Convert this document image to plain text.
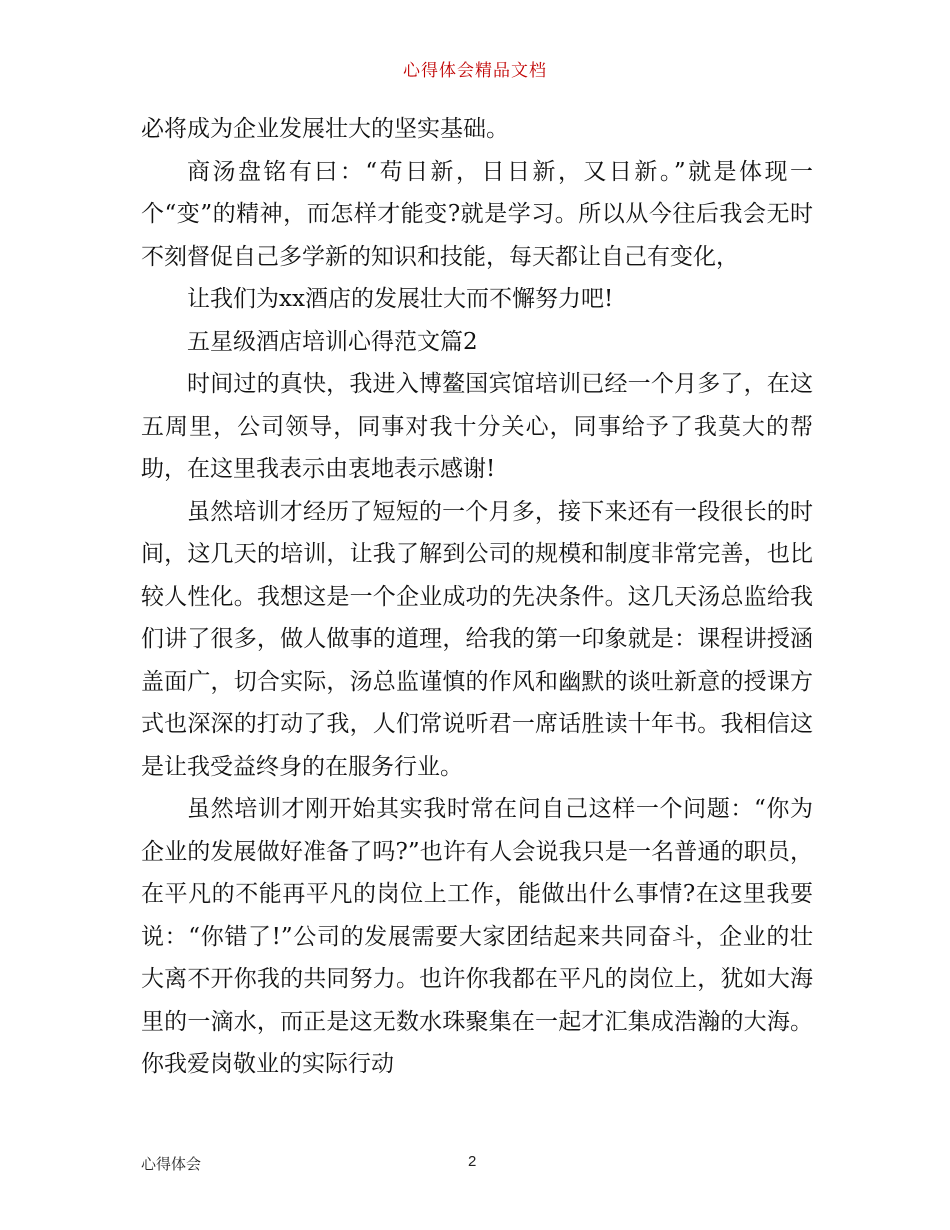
心得体会精品文档

必将成为企业发展壮大的坚实基础。

商汤盘铭有曰：“苟日新，日日新，又日新。”就是体现一个“变”的精神，而怎样才能变?就是学习。所以从今往后我会无时不刻督促自己多学新的知识和技能，每天都让自己有变化，

让我们为xx酒店的发展壮大而不懈努力吧!

五星级酒店培训心得范文篇2

时间过的真快，我进入博鳌国宾馆培训已经一个月多了，在这五周里，公司领导，同事对我十分关心，同事给予了我莫大的帮助，在这里我表示由衷地表示感谢!

虽然培训才经历了短短的一个月多，接下来还有一段很长的时间，这几天的培训，让我了解到公司的规模和制度非常完善，也比较人性化。我想这是一个企业成功的先决条件。这几天汤总监给我们讲了很多，做人做事的道理，给我的第一印象就是：课程讲授涵盖面广，切合实际，汤总监谨慎的作风和幽默的谈吐新意的授课方式也深深的打动了我，人们常说听君一席话胜读十年书。我相信这是让我受益终身的在服务行业。

虽然培训才刚开始其实我时常在问自己这样一个问题：“你为企业的发展做好准备了吗?”也许有人会说我只是一名普通的职员，在平凡的不能再平凡的岗位上工作，能做出什么事情?在这里我要说：“你错了!”公司的发展需要大家团结起来共同奋斗，企业的壮大离不开你我的共同努力。也许你我都在平凡的岗位上，犹如大海里的一滴水，而正是这无数水珠聚集在一起才汇集成浩瀚的大海。你我爱岗敬业的实际行动

心得体会	2
